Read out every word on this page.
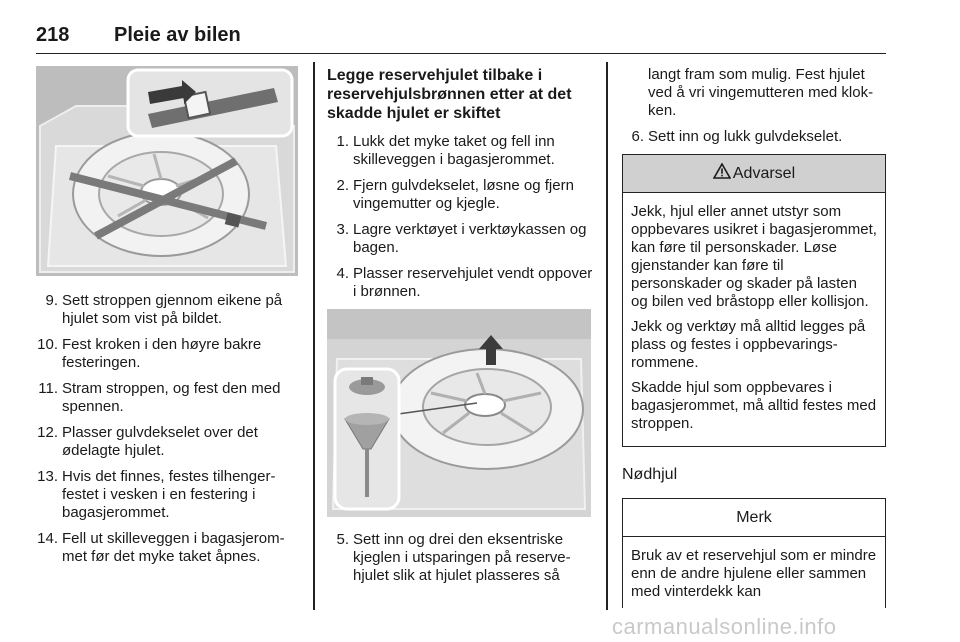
218 Pleie av bilen
9. Sett stroppen gjennom eikene på hjulet som vist på bildet.
10. Fest kroken i den høyre bakre festeringen.
11. Stram stroppen, og fest den med spennen.
12. Plasser gulvdekselet over det ødelagte hjulet.
13. Hvis det finnes, festes tilhengerfestet i vesken i en festering i bagasjerommet.
14. Fell ut skilleveggen i bagasjerommet før det myke taket åpnes.
Legge reservehjulet tilbake i reservehjulsbrønnen etter at det skadde hjulet er skiftet
1. Lukk det myke taket og fell inn skilleveggen i bagasjerommet.
2. Fjern gulvdekselet, løsne og fjern vingemutter og kjegle.
3. Lagre verktøyet i verktøykassen og bagen.
4. Plasser reservehjulet vendt oppover i brønnen.
5. Sett inn og drei den eksentriske kjeglen i utsparingen på reservehjulet slik at hjulet plasseres så
langt fram som mulig. Fest hjulet ved å vri vingemutteren med klokken.
6. Sett inn og lukk gulvdekselet.
Advarsel

Jekk, hjul eller annet utstyr som oppbevares usikret i bagasjerommet, kan føre til personskader. Løse gjenstander kan føre til personskader og skader på lasten og bilen ved bråstopp eller kollisjon.

Jekk og verktøy må alltid legges på plass og festes i oppbevaringsrommene.

Skadde hjul som oppbevares i bagasjerommet, må alltid festes med stroppen.

Nødhjul
Merk
Bruk av et reservehjul som er mindre enn de andre hjulene eller sammen med vinterdekk kan
carmanualsonline.info
